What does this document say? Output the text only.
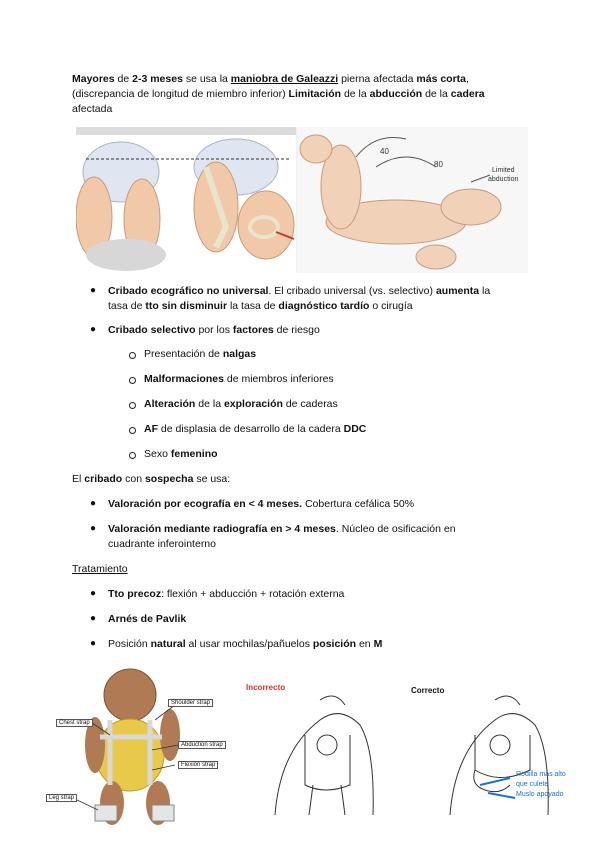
Mayores de 2-3 meses se usa la maniobra de Galeazzi pierna afectada más corta,
(discrepancia de longitud de miembro inferior) Limitación de la abducción de la cadera
afectada
40
80
Limited
abduction
● Cribado ecográfico no universal. El cribado universal (vs. selectivo) aumenta la
tasa de tto sin disminuir la tasa de diagnóstico tardío o cirugía
● Cribado selectivo por los factores de riesgo
Presentación de nalgas
Malformaciones de miembros inferiores
Alteración de la exploración de caderas
AF de displasia de desarrollo de la cadera DDC
Sexo femenino
El cribado con sospecha se usa:
● Valoración por ecografía en < 4 meses. Cobertura cefálica 50%
● Valoración mediante radiografía en > 4 meses. Núcleo de osificación en
cuadrante inferointerno
Tratamiento
● Tto precoz: flexión + abducción + rotación externa
● Arnés de Pavlik
● Posición natural al usar mochilas/pañuelos posición en M
Shoulder strap
Chest strap
Abduction strap
Flexion strap
Leg strap
Incorrecto	Correcto
Rodilla más alto
que culete
Muslo apoyado
